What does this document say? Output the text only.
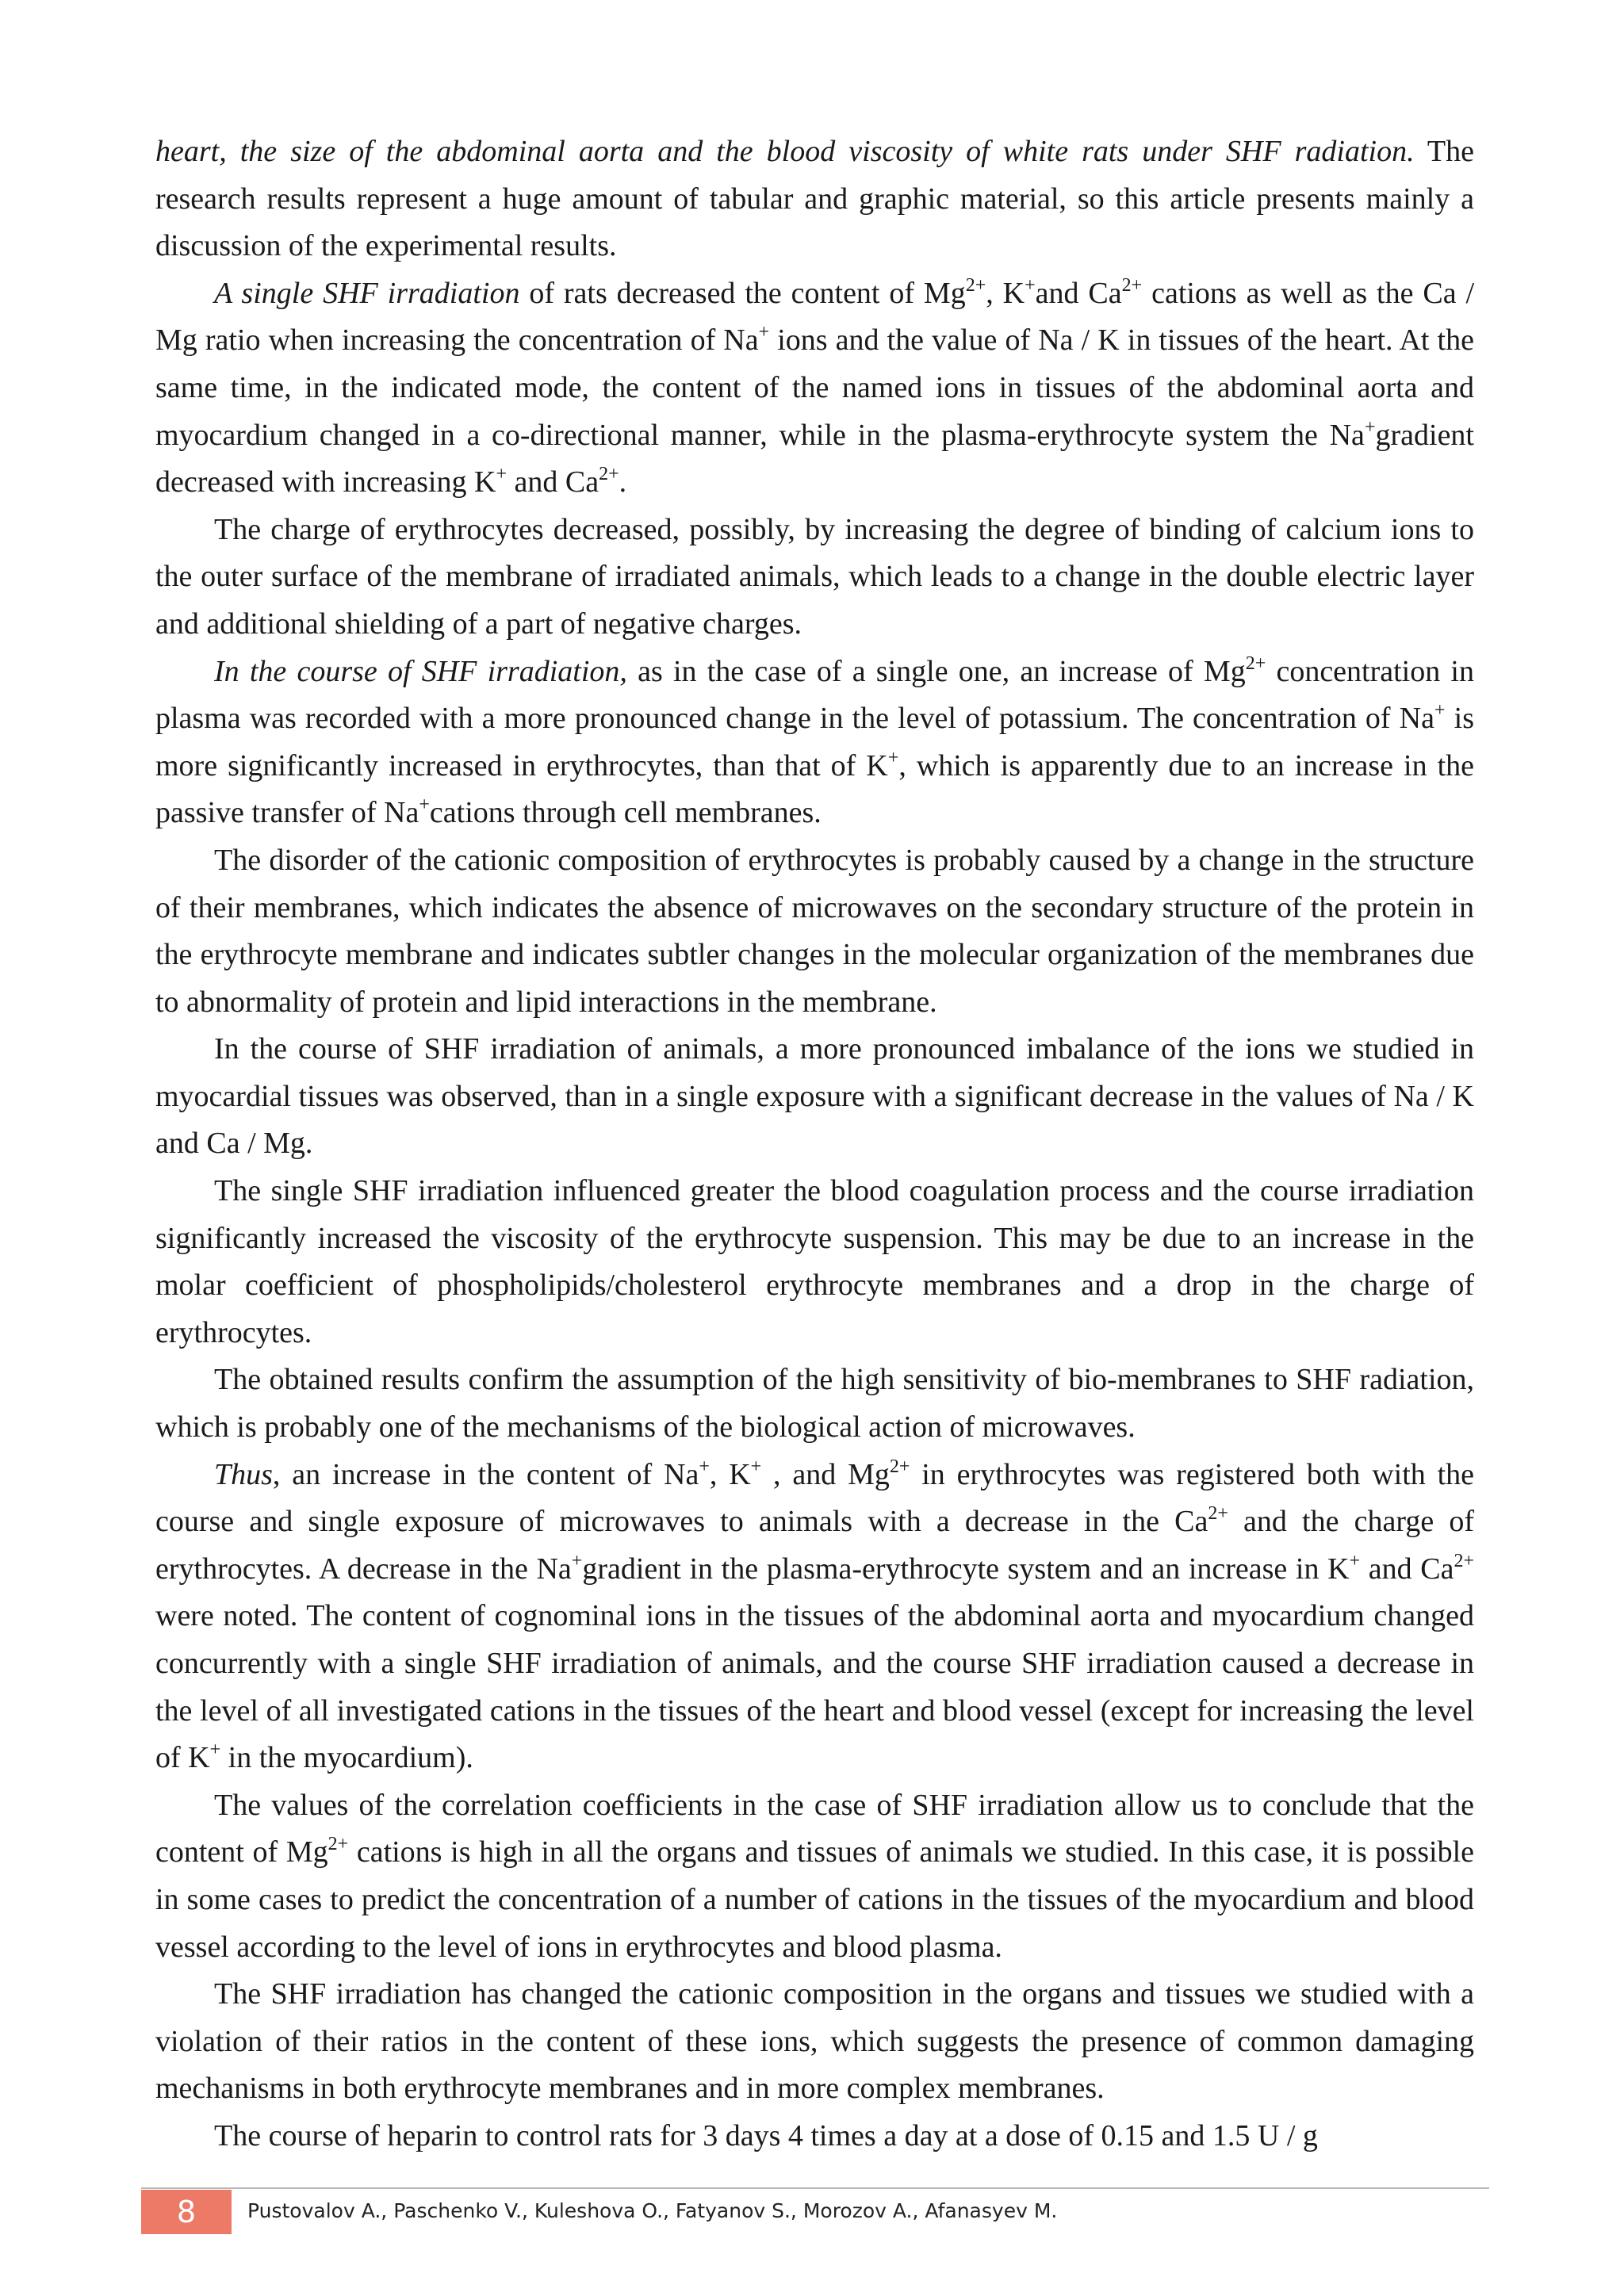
heart, the size of the abdominal aorta and the blood viscosity of white rats under SHF radiation. The research results represent a huge amount of tabular and graphic material, so this article presents mainly a discussion of the experimental results.

A single SHF irradiation of rats decreased the content of $Mg^{2+}$, K+and $Ca^{2+}$ cations as well as the Ca / Mg ratio when increasing the concentration of Na+ ions and the value of Na / K in tissues of the heart. At the same time, in the indicated mode, the content of the named ions in tissues of the abdominal aorta and myocardium changed in a co-directional manner, while in the plasma-erythrocyte system the Na+gradient decreased with increasing K+ and $Ca^{2+}$.

The charge of erythrocytes decreased, possibly, by increasing the degree of binding of calcium ions to the outer surface of the membrane of irradiated animals, which leads to a change in the double electric layer and additional shielding of a part of negative charges.

In the course of SHF irradiation, as in the case of a single one, an increase of $Mg^{2+}$ concentration in plasma was recorded with a more pronounced change in the level of potassium. The concentration of Na+ is more significantly increased in erythrocytes, than that of K+, which is apparently due to an increase in the passive transfer of Na+cations through cell membranes.

The disorder of the cationic composition of erythrocytes is probably caused by a change in the structure of their membranes, which indicates the absence of microwaves on the secondary structure of the protein in the erythrocyte membrane and indicates subtler changes in the molecular organization of the membranes due to abnormality of protein and lipid interactions in the membrane.

In the course of SHF irradiation of animals, a more pronounced imbalance of the ions we studied in myocardial tissues was observed, than in a single exposure with a significant decrease in the values of Na / K and Ca / Mg.

The single SHF irradiation influenced greater the blood coagulation process and the course irradiation significantly increased the viscosity of the erythrocyte suspension. This may be due to an increase in the molar coefficient of phospholipids/cholesterol erythrocyte membranes and a drop in the charge of erythrocytes.

The obtained results confirm the assumption of the high sensitivity of bio-membranes to SHF radiation, which is probably one of the mechanisms of the biological action of microwaves.

Thus, an increase in the content of Na+, K+ , and $Mg^{2+}$ in erythrocytes was registered both with the course and single exposure of microwaves to animals with a decrease in the $Ca^{2+}$ and the charge of erythrocytes. A decrease in the Na+gradient in the plasma-erythrocyte system and an increase in K+ and $Ca^{2+}$ were noted. The content of cognominal ions in the tissues of the abdominal aorta and myocardium changed concurrently with a single SHF irradiation of animals, and the course SHF irradiation caused a decrease in the level of all investigated cations in the tissues of the heart and blood vessel (except for increasing the level of K+ in the myocardium).

The values of the correlation coefficients in the case of SHF irradiation allow us to conclude that the content of $Mg^{2+}$ cations is high in all the organs and tissues of animals we studied. In this case, it is possible in some cases to predict the concentration of a number of cations in the tissues of the myocardium and blood vessel according to the level of ions in erythrocytes and blood plasma.

The SHF irradiation has changed the cationic composition in the organs and tissues we studied with a violation of their ratios in the content of these ions, which suggests the presence of common damaging mechanisms in both erythrocyte membranes and in more complex membranes.

The course of heparin to control rats for 3 days 4 times a day at a dose of 0.15 and 1.5 U / g

8	Pustovalov A., Paschenko V., Kuleshova O., Fatyanov S., Morozov A., Afanasyev M.
